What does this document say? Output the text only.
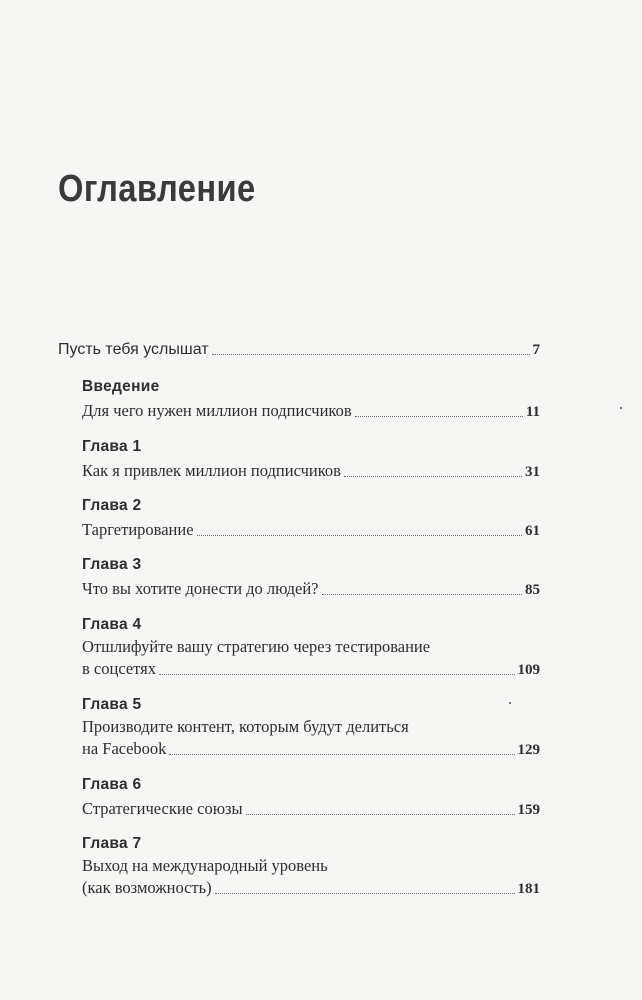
Оглавление
Пусть тебя услышат	7
Введение
Для чего нужен миллион подписчиков	11
Глава 1
Как я привлек миллион подписчиков	31
Глава 2
Таргетирование	61
Глава 3
Что вы хотите донести до людей?	85
Глава 4
Отшлифуйте вашу стратегию через тестирование
в соцсетях	109
Глава 5
Производите контент, которым будут делиться
на Facebook	129
Глава 6
Стратегические союзы	159
Глава 7
Выход на международный уровень
(как возможность)	181
